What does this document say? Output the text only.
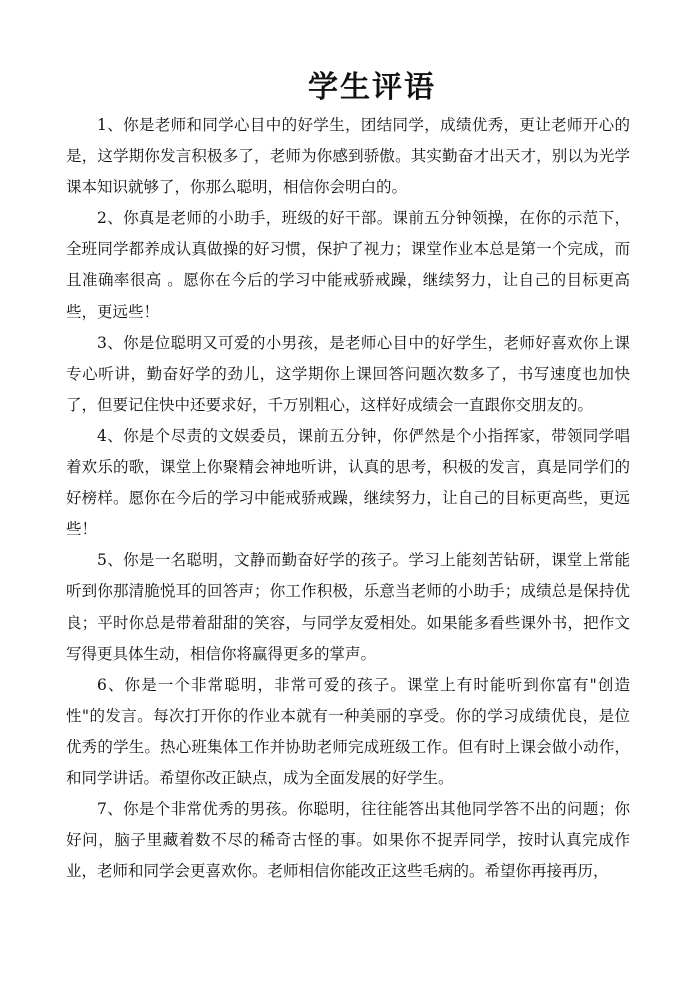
学生评语

1、你是老师和同学心目中的好学生，团结同学，成绩优秀，更让老师开心的是，这学期你发言积极多了，老师为你感到骄傲。其实勤奋才出天才，别以为光学课本知识就够了，你那么聪明，相信你会明白的。

2、你真是老师的小助手，班级的好干部。课前五分钟领操，在你的示范下，全班同学都养成认真做操的好习惯，保护了视力；课堂作业本总是第一个完成，而且准确率很高 。愿你在今后的学习中能戒骄戒躁，继续努力，让自己的目标更高些，更远些！

3、你是位聪明又可爱的小男孩，是老师心目中的好学生，老师好喜欢你上课专心听讲，勤奋好学的劲儿，这学期你上课回答问题次数多了，书写速度也加快了，但要记住快中还要求好，千万别粗心，这样好成绩会一直跟你交朋友的。

4、你是个尽责的文娱委员，课前五分钟，你俨然是个小指挥家，带领同学唱着欢乐的歌，课堂上你聚精会神地听讲，认真的思考，积极的发言，真是同学们的好榜样。愿你在今后的学习中能戒骄戒躁，继续努力，让自己的目标更高些，更远些！

5、你是一名聪明，文静而勤奋好学的孩子。学习上能刻苦钻研，课堂上常能听到你那清脆悦耳的回答声；你工作积极，乐意当老师的小助手；成绩总是保持优良；平时你总是带着甜甜的笑容，与同学友爱相处。如果能多看些课外书，把作文写得更具体生动，相信你将赢得更多的掌声。

6、你是一个非常聪明，非常可爱的孩子。课堂上有时能听到你富有"创造性"的发言。每次打开你的作业本就有一种美丽的享受。你的学习成绩优良，是位优秀的学生。热心班集体工作并协助老师完成班级工作。但有时上课会做小动作，和同学讲话。希望你改正缺点，成为全面发展的好学生。

7、你是个非常优秀的男孩。你聪明，往往能答出其他同学答不出的问题；你好问，脑子里藏着数不尽的稀奇古怪的事。如果你不捉弄同学，按时认真完成作业，老师和同学会更喜欢你。老师相信你能改正这些毛病的。希望你再接再历，
